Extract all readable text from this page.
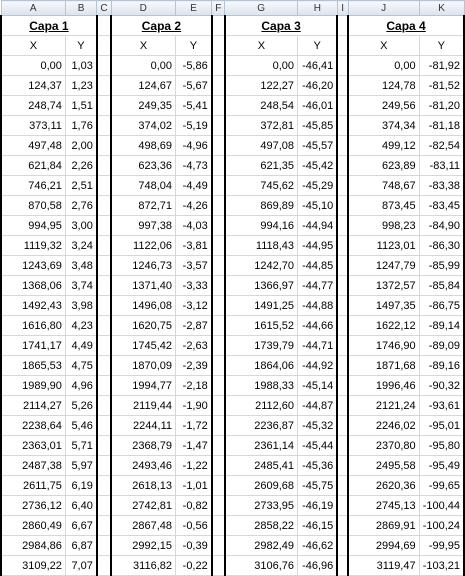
A	B	C	D	E	F	G	H	I	J	K
Capa 1			Capa 2			Capa 3			Capa 4	
X	Y		X	Y		X	Y		X	Y
0,00	1,03		0,00	-5,86		0,00	-46,41		0,00	-81,92
124,37	1,23		124,67	-5,67		122,27	-46,20		124,78	-81,52
248,74	1,51		249,35	-5,41		248,54	-46,01		249,56	-81,20
373,11	1,76		374,02	-5,19		372,81	-45,85		374,34	-81,18
497,48	2,00		498,69	-4,96		497,08	-45,57		499,12	-82,54
621,84	2,26		623,36	-4,73		621,35	-45,42		623,89	-83,11
746,21	2,51		748,04	-4,49		745,62	-45,29		748,67	-83,38
870,58	2,76		872,71	-4,26		869,89	-45,10		873,45	-83,45
994,95	3,00		997,38	-4,03		994,16	-44,94		998,23	-84,90
1119,32	3,24		1122,06	-3,81		1118,43	-44,95		1123,01	-86,30
1243,69	3,48		1246,73	-3,57		1242,70	-44,85		1247,79	-85,99
1368,06	3,74		1371,40	-3,33		1366,97	-44,77		1372,57	-85,84
1492,43	3,98		1496,08	-3,12		1491,25	-44,88		1497,35	-86,75
1616,80	4,23		1620,75	-2,87		1615,52	-44,66		1622,12	-89,14
1741,17	4,49		1745,42	-2,63		1739,79	-44,71		1746,90	-89,09
1865,53	4,75		1870,09	-2,39		1864,06	-44,92		1871,68	-89,16
1989,90	4,96		1994,77	-2,18		1988,33	-45,14		1996,46	-90,32
2114,27	5,26		2119,44	-1,90		2112,60	-44,87		2121,24	-93,61
2238,64	5,46		2244,11	-1,72		2236,87	-45,32		2246,02	-95,01
2363,01	5,71		2368,79	-1,47		2361,14	-45,44		2370,80	-95,80
2487,38	5,97		2493,46	-1,22		2485,41	-45,36		2495,58	-95,49
2611,75	6,19		2618,13	-1,01		2609,68	-45,75		2620,36	-99,65
2736,12	6,40		2742,81	-0,82		2733,95	-46,19		2745,13	-100,44
2860,49	6,67		2867,48	-0,56		2858,22	-46,15		2869,91	-100,24
2984,86	6,87		2992,15	-0,39		2982,49	-46,62		2994,69	-99,95
3109,22	7,07		3116,82	-0,22		3106,76	-46,96		3119,47	-103,21
